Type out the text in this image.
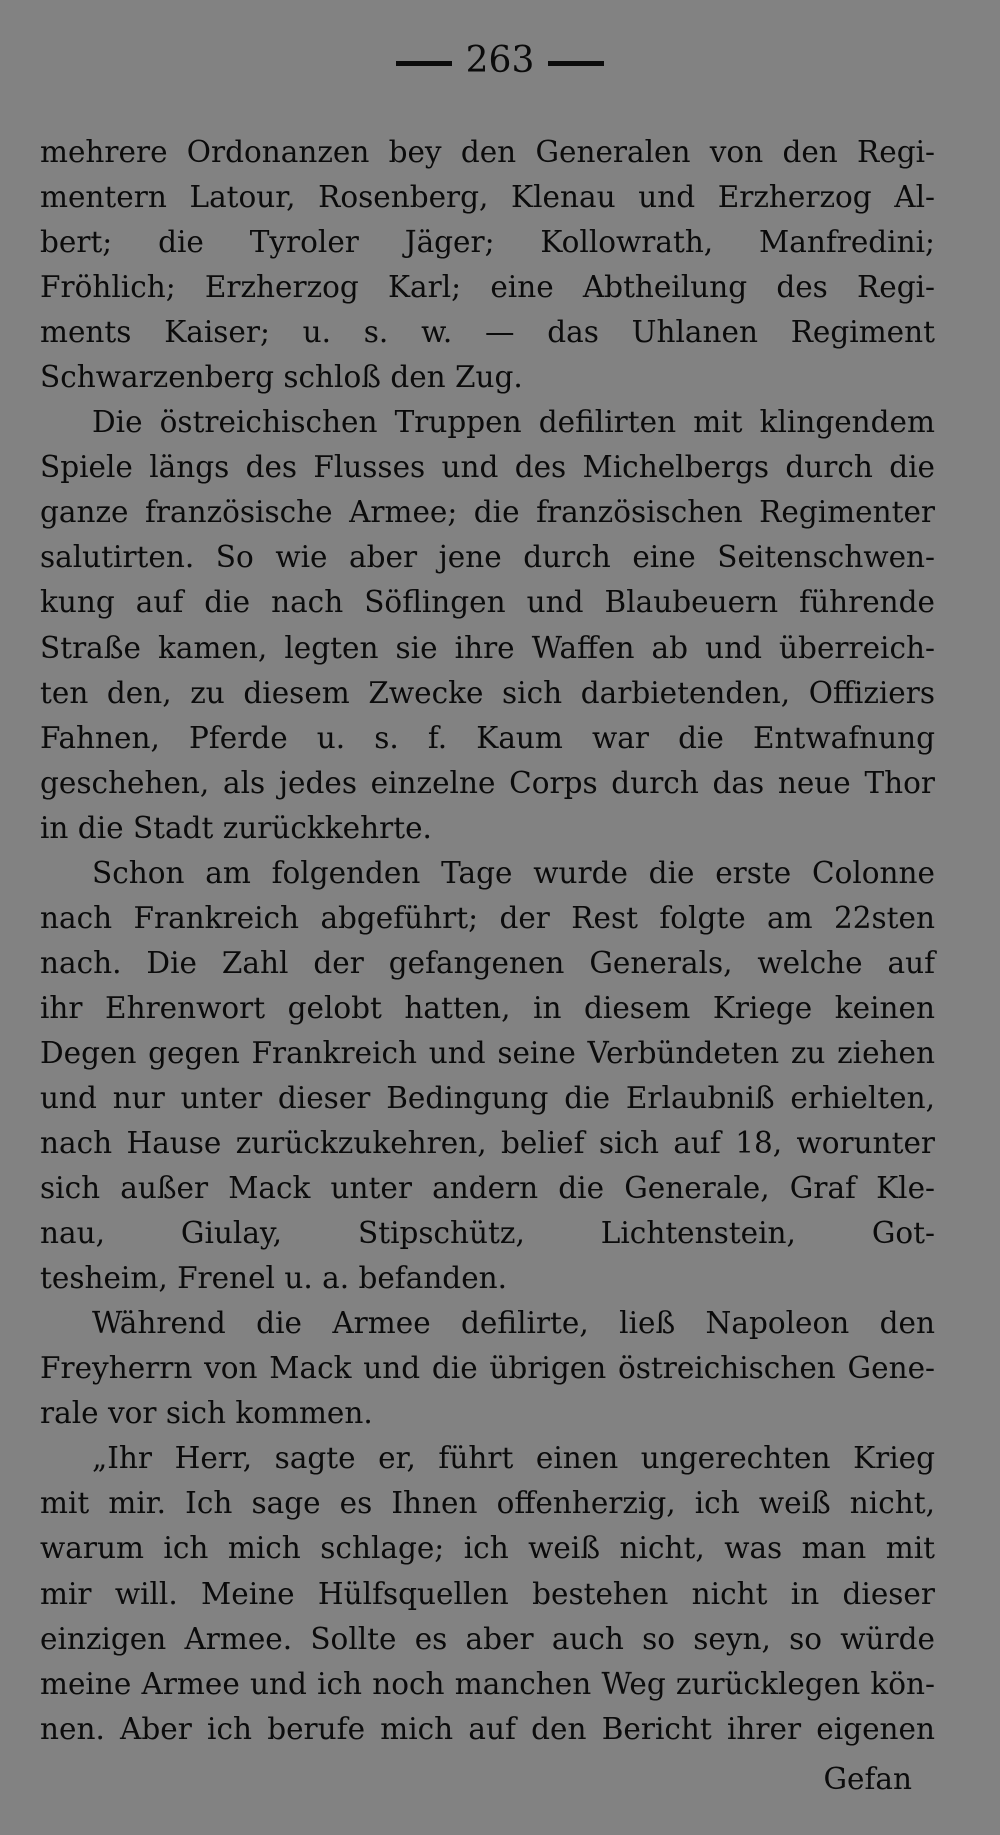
263
mehrere Ordonanzen bey den Generalen von den Regi-
mentern Latour, Rosenberg, Klenau und Erzherzog Al-
bert; die Tyroler Jäger; Kollowrath, Manfredini;
Fröhlich; Erzherzog Karl; eine Abtheilung des Regi-
ments Kaiser; u. s. w. — das Uhlanen Regiment
Schwarzenberg schloß den Zug.
Die östreichischen Truppen defilirten mit klingendem
Spiele längs des Flusses und des Michelbergs durch die
ganze französische Armee; die französischen Regimenter
salutirten. So wie aber jene durch eine Seitenschwen-
kung auf die nach Söflingen und Blaubeuern führende
Straße kamen, legten sie ihre Waffen ab und überreich-
ten den, zu diesem Zwecke sich darbietenden, Offiziers
Fahnen, Pferde u. s. f. Kaum war die Entwafnung
geschehen, als jedes einzelne Corps durch das neue Thor
in die Stadt zurückkehrte.
Schon am folgenden Tage wurde die erste Colonne
nach Frankreich abgeführt; der Rest folgte am 22sten
nach. Die Zahl der gefangenen Generals, welche auf
ihr Ehrenwort gelobt hatten, in diesem Kriege keinen
Degen gegen Frankreich und seine Verbündeten zu ziehen
und nur unter dieser Bedingung die Erlaubniß erhielten,
nach Hause zurückzukehren, belief sich auf 18, worunter
sich außer Mack unter andern die Generale, Graf Kle-
nau, Giulay, Stipschütz, Lichtenstein, Got-
tesheim, Frenel u. a. befanden.
Während die Armee defilirte, ließ Napoleon den
Freyherrn von Mack und die übrigen östreichischen Gene-
rale vor sich kommen.
„Ihr Herr, sagte er, führt einen ungerechten Krieg
mit mir. Ich sage es Ihnen offenherzig, ich weiß nicht,
warum ich mich schlage; ich weiß nicht, was man mit
mir will. Meine Hülfsquellen bestehen nicht in dieser
einzigen Armee. Sollte es aber auch so seyn, so würde
meine Armee und ich noch manchen Weg zurücklegen kön-
nen. Aber ich berufe mich auf den Bericht ihrer eigenen
Gefan
